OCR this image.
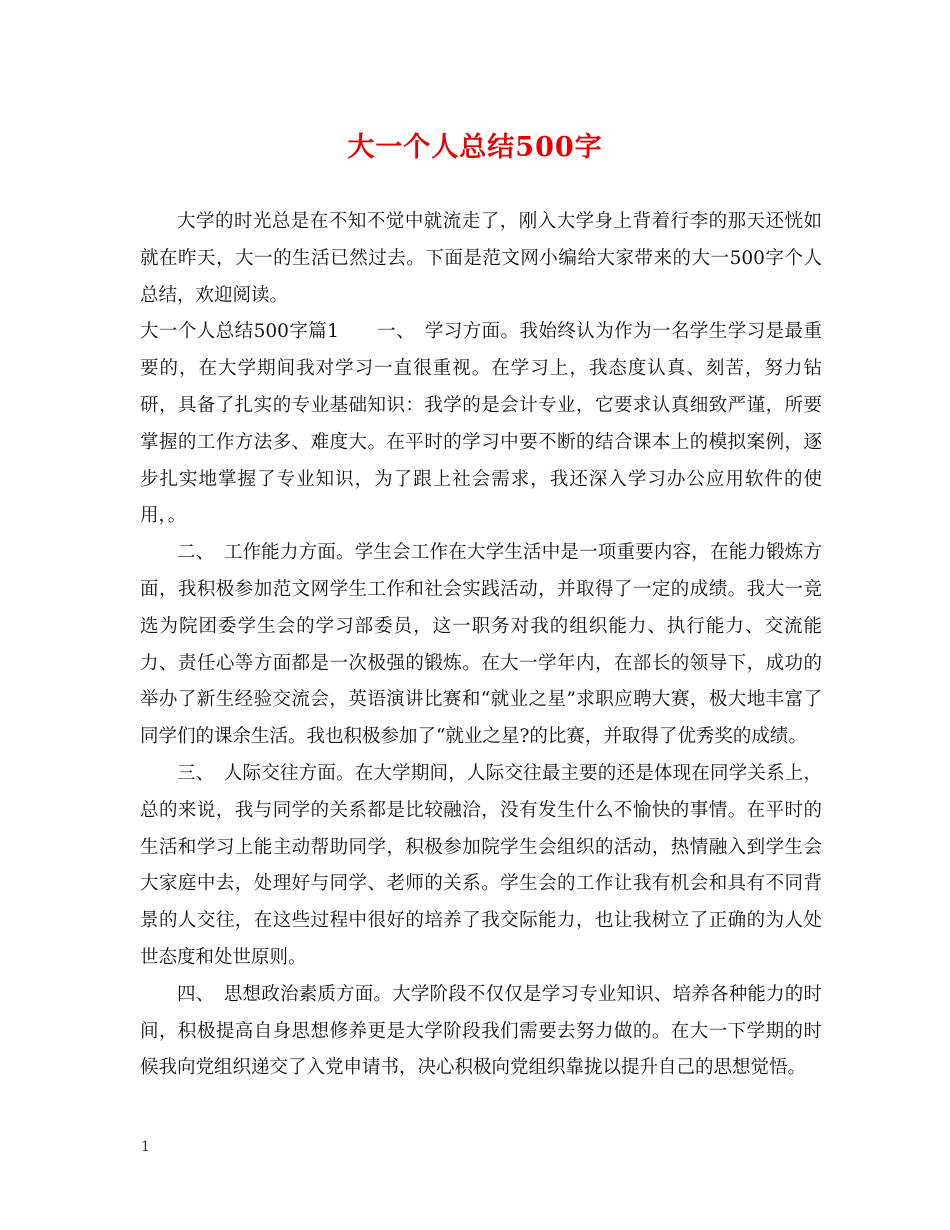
大一个人总结500字

大学的时光总是在不知不觉中就流走了，刚入大学身上背着行李的那天还恍如就在昨天，大一的生活已然过去。下面是范文网小编给大家带来的大一500字个人总结，欢迎阅读。

大一个人总结500字篇1　　一、　学习方面。我始终认为作为一名学生学习是最重要的，在大学期间我对学习一直很重视。在学习上，我态度认真、刻苦，努力钻研，具备了扎实的专业基础知识：我学的是会计专业，它要求认真细致严谨，所要掌握的工作方法多、难度大。在平时的学习中要不断的结合课本上的模拟案例，逐步扎实地掌握了专业知识，为了跟上社会需求，我还深入学习办公应用软件的使用，。

二、　工作能力方面。学生会工作在大学生活中是一项重要内容，在能力锻炼方面，我积极参加范文网学生工作和社会实践活动，并取得了一定的成绩。我大一竞选为院团委学生会的学习部委员，这一职务对我的组织能力、执行能力、交流能力、责任心等方面都是一次极强的锻炼。在大一学年内，在部长的领导下，成功的举办了新生经验交流会，英语演讲比赛和“就业之星”求职应聘大赛，极大地丰富了同学们的课余生活。我也积极参加了“就业之星?的比赛，并取得了优秀奖的成绩。

三、　人际交往方面。在大学期间，人际交往最主要的还是体现在同学关系上，总的来说，我与同学的关系都是比较融洽，没有发生什么不愉快的事情。在平时的生活和学习上能主动帮助同学，积极参加院学生会组织的活动，热情融入到学生会大家庭中去，处理好与同学、老师的关系。学生会的工作让我有机会和具有不同背景的人交往，在这些过程中很好的培养了我交际能力，也让我树立了正确的为人处世态度和处世原则。

四、　思想政治素质方面。大学阶段不仅仅是学习专业知识、培养各种能力的时间，积极提高自身思想修养更是大学阶段我们需要去努力做的。在大一下学期的时候我向党组织递交了入党申请书，决心积极向党组织靠拢以提升自己的思想觉悟。

1
